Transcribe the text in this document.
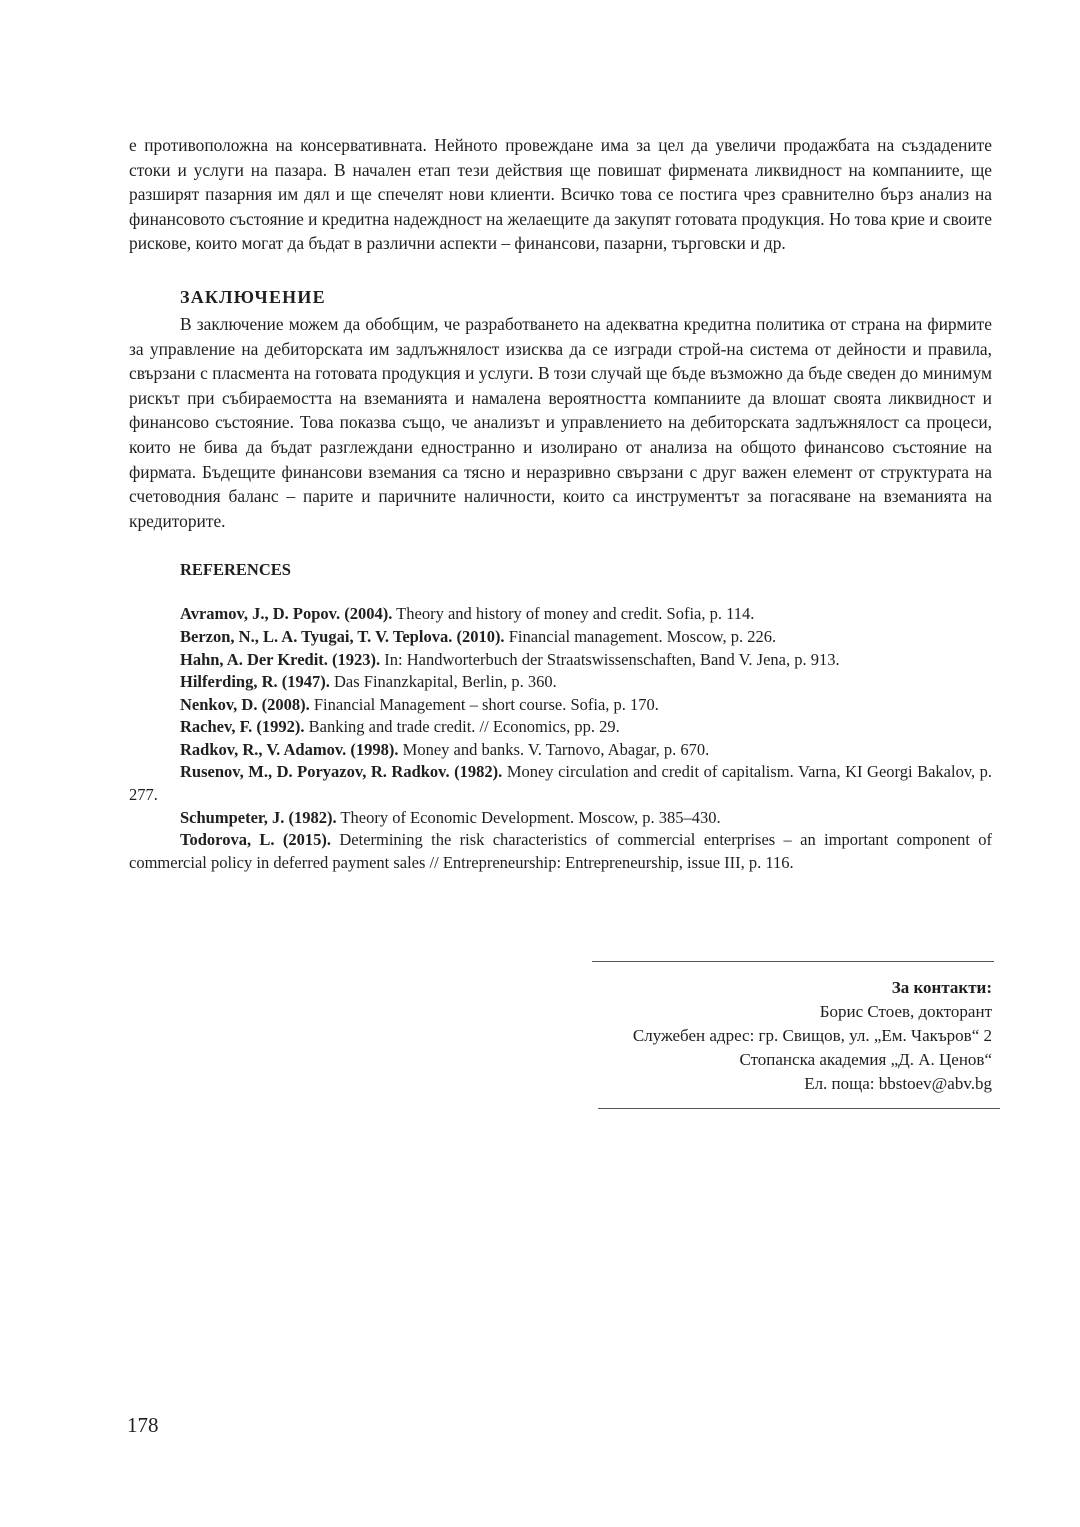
е противоположна на консервативната. Нейното провеждане има за цел да увеличи продажбата на създадените стоки и услуги на пазара. В начален етап тези действия ще повишат фирмената ликвидност на компаниите, ще разширят пазарния им дял и ще спечелят нови клиенти. Всичко това се постига чрез сравнително бърз анализ на финансовото състояние и кредитна надеждност на желаещите да закупят готовата продукция. Но това крие и своите рискове, които могат да бъдат в различни аспекти – финансови, пазарни, търговски и др.

ЗАКЛЮЧЕНИЕ

В заключение можем да обобщим, че разработването на адекватна кредитна политика от страна на фирмите за управление на дебиторската им задлъжнялост изисква да се изгради строй-на система от дейности и правила, свързани с пласмента на готовата продукция и услуги. В този случай ще бъде възможно да бъде сведен до минимум рискът при събираемостта на вземанията и намалена вероятността компаниите да влошат своята ликвидност и финансово състояние. Това показва също, че анализът и управлението на дебиторската задлъжнялост са процеси, които не бива да бъдат разглеждани едностранно и изолирано от анализа на общото финансово състояние на фирмата. Бъдещите финансови вземания са тясно и неразривно свързани с друг важен елемент от структурата на счетоводния баланс – парите и паричните наличности, които са инструментът за погасяване на вземанията на кредиторите.

REFERENCES

Avramov, J., D. Popov. (2004). Theory and history of money and credit. Sofia, p. 114.

Berzon, N., L. A. Tyugai, T. V. Teplova. (2010). Financial management. Moscow, p. 226.

Hahn, A. Der Kredit. (1923). In: Handworterbuch der Straatswissenschaften, Band V. Jena, p. 913.

Hilferding, R. (1947). Das Finanzkapital, Berlin, p. 360.

Nenkov, D. (2008). Financial Management – short course. Sofia, p. 170.

Rachev, F. (1992). Banking and trade credit. // Economics, pp. 29.

Radkov, R., V. Adamov. (1998). Money and banks. V. Tarnovo, Abagar, p. 670.

Rusenov, M., D. Poryazov, R. Radkov. (1982). Money circulation and credit of capitalism. Varna, KI Georgi Bakalov, p. 277.

Schumpeter, J. (1982). Theory of Economic Development. Moscow, p. 385–430.

Todorova, L. (2015). Determining the risk characteristics of commercial enterprises – an important component of commercial policy in deferred payment sales // Entrepreneurship: Entrepreneurship, issue III, p. 116.

За контакти:
Борис Стоев, докторант
Служебен адрес: гр. Свищов, ул. „Ем. Чакъров“ 2
Стопанска академия „Д. А. Ценов“
Ел. поща: bbstoev@abv.bg
178
